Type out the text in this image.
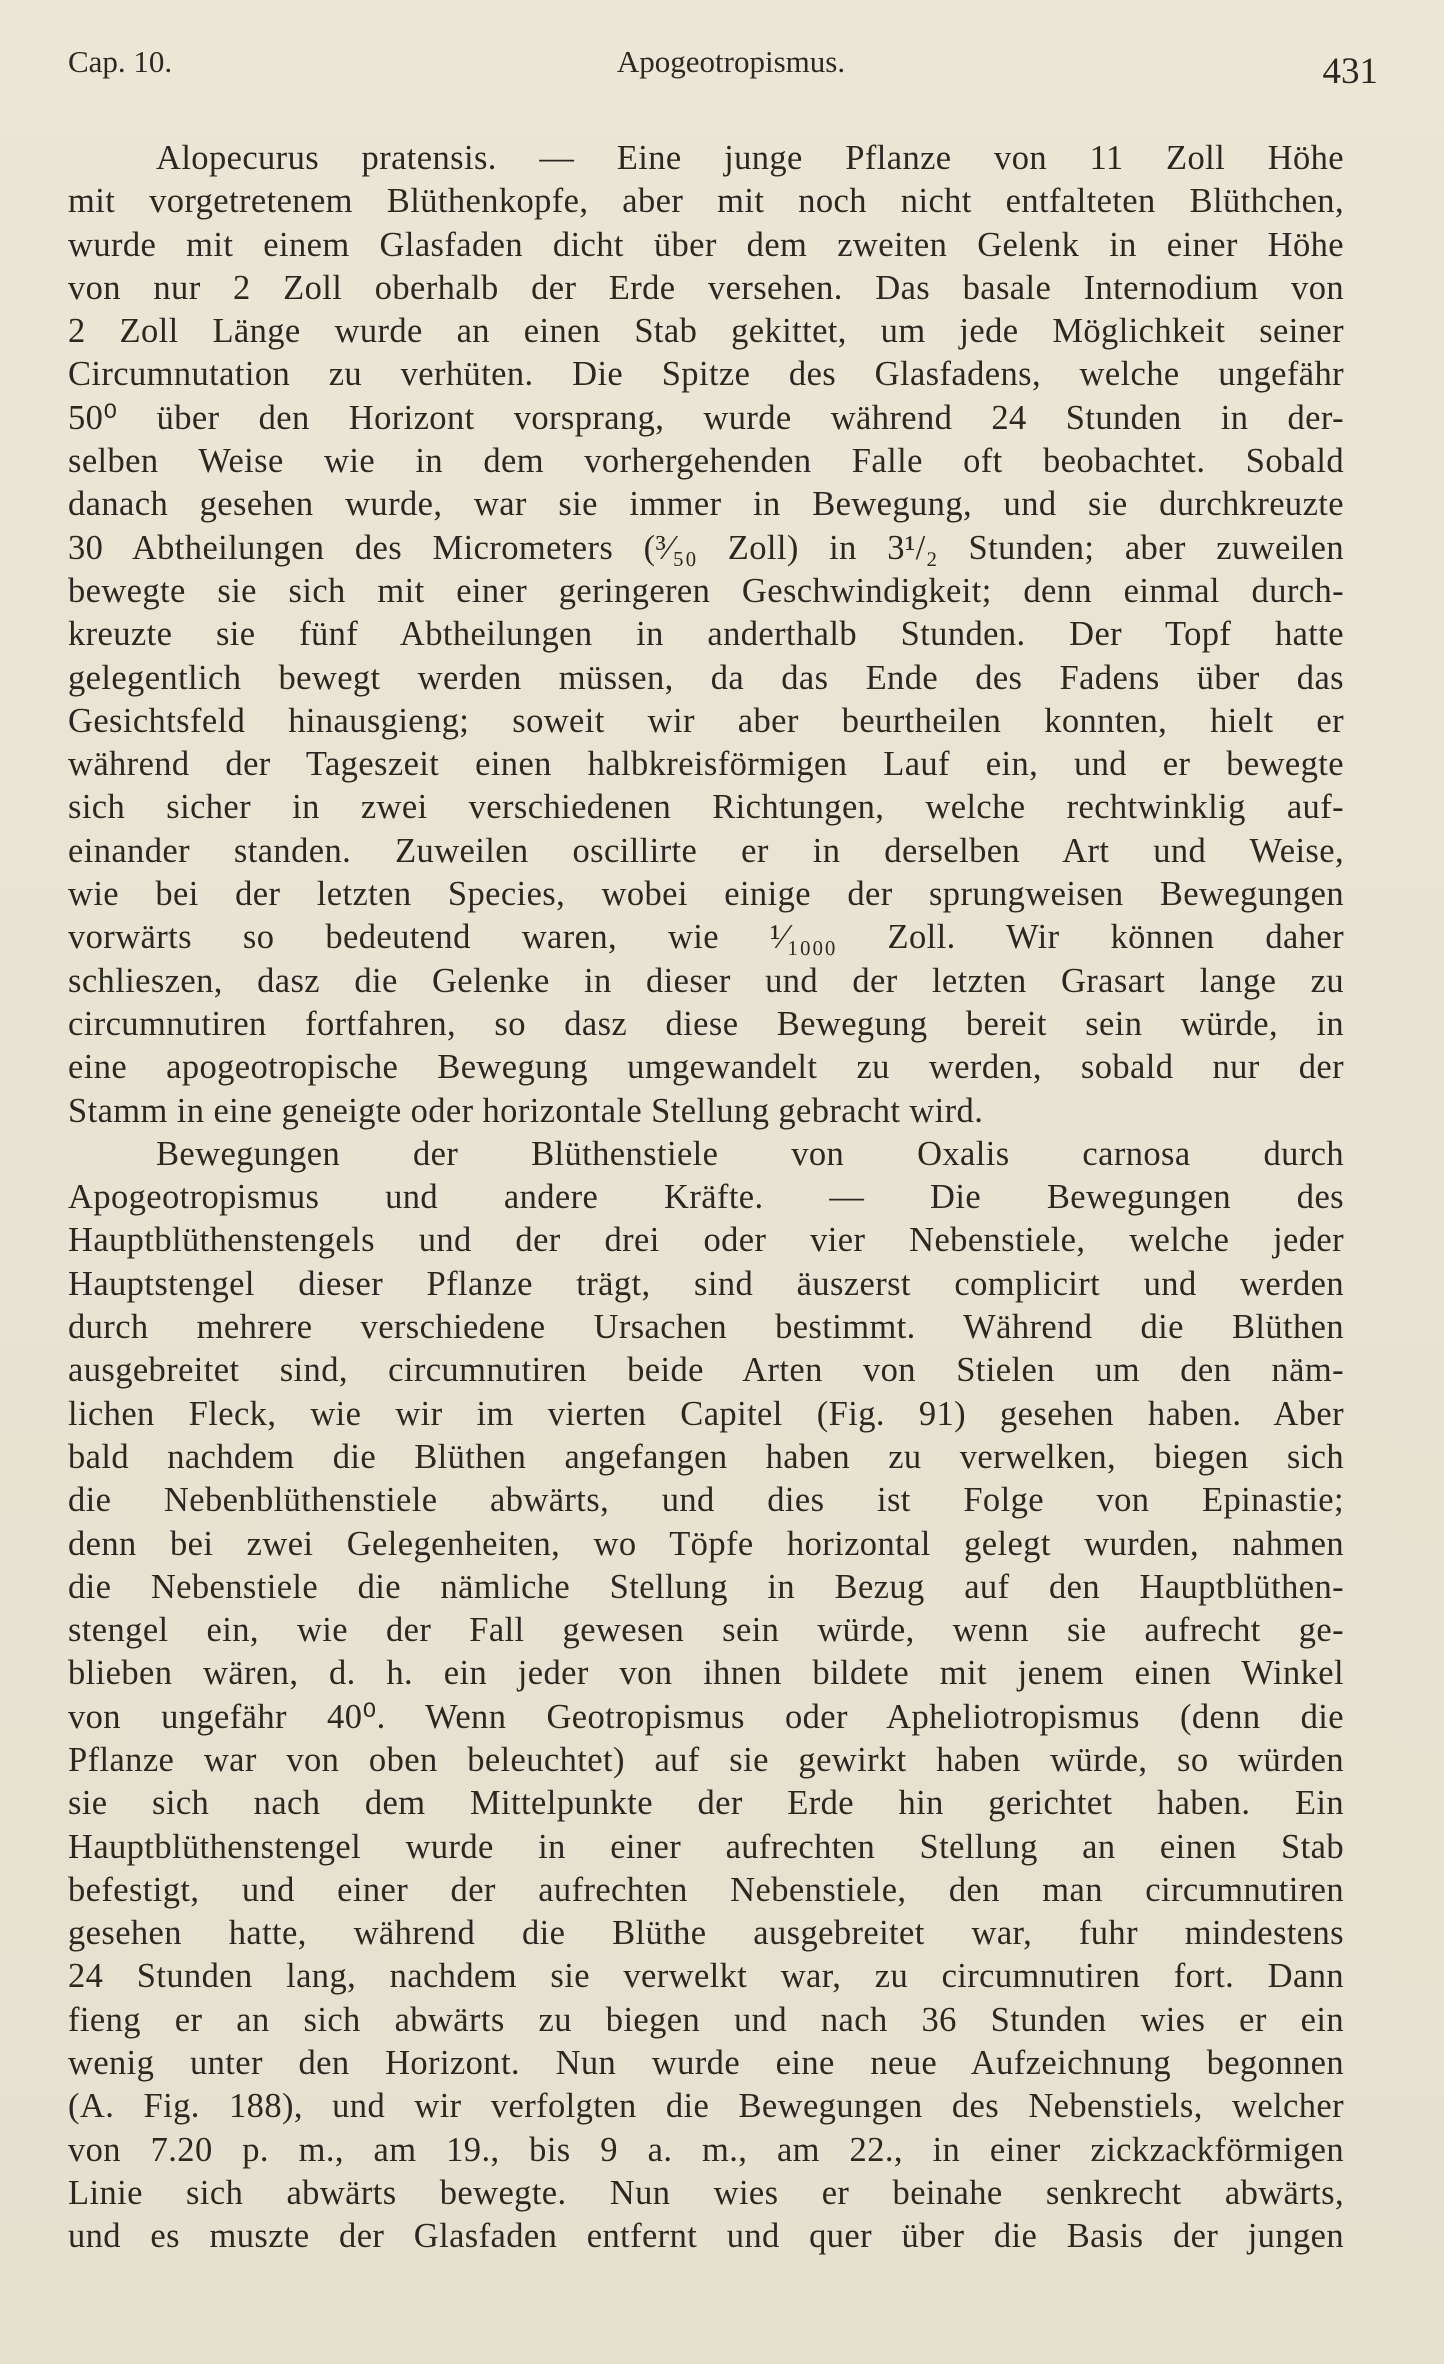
Cap. 10.	Apogeotropismus.	431
Alopecurus pratensis. — Eine junge Pflanze von 11 Zoll Höhe
mit vorgetretenem Blüthenkopfe, aber mit noch nicht entfalteten Blüthchen,
wurde mit einem Glasfaden dicht über dem zweiten Gelenk in einer Höhe
von nur 2 Zoll oberhalb der Erde versehen. Das basale Internodium von
2 Zoll Länge wurde an einen Stab gekittet, um jede Möglichkeit seiner
Circumnutation zu verhüten. Die Spitze des Glasfadens, welche ungefähr
50⁰ über den Horizont vorsprang, wurde während 24 Stunden in der-
selben Weise wie in dem vorhergehenden Falle oft beobachtet. Sobald
danach gesehen wurde, war sie immer in Bewegung, und sie durchkreuzte
30 Abtheilungen des Micrometers (³⁄₅₀ Zoll) in 3¹/₂ Stunden; aber zuweilen
bewegte sie sich mit einer geringeren Geschwindigkeit; denn einmal durch-
kreuzte sie fünf Abtheilungen in anderthalb Stunden. Der Topf hatte
gelegentlich bewegt werden müssen, da das Ende des Fadens über das
Gesichtsfeld hinausgieng; soweit wir aber beurtheilen konnten, hielt er
während der Tageszeit einen halbkreisförmigen Lauf ein, und er bewegte
sich sicher in zwei verschiedenen Richtungen, welche rechtwinklig auf-
einander standen. Zuweilen oscillirte er in derselben Art und Weise,
wie bei der letzten Species, wobei einige der sprungweisen Bewegungen
vorwärts so bedeutend waren, wie ¹⁄₁₀₀₀ Zoll. Wir können daher
schlieszen, dasz die Gelenke in dieser und der letzten Grasart lange zu
circumnutiren fortfahren, so dasz diese Bewegung bereit sein würde, in
eine apogeotropische Bewegung umgewandelt zu werden, sobald nur der
Stamm in eine geneigte oder horizontale Stellung gebracht wird.
Bewegungen der Blüthenstiele von Oxalis carnosa durch
Apogeotropismus und andere Kräfte. — Die Bewegungen des
Hauptblüthenstengels und der drei oder vier Nebenstiele, welche jeder
Hauptstengel dieser Pflanze trägt, sind äuszerst complicirt und werden
durch mehrere verschiedene Ursachen bestimmt. Während die Blüthen
ausgebreitet sind, circumnutiren beide Arten von Stielen um den näm-
lichen Fleck, wie wir im vierten Capitel (Fig. 91) gesehen haben. Aber
bald nachdem die Blüthen angefangen haben zu verwelken, biegen sich
die Nebenblüthenstiele abwärts, und dies ist Folge von Epinastie;
denn bei zwei Gelegenheiten, wo Töpfe horizontal gelegt wurden, nahmen
die Nebenstiele die nämliche Stellung in Bezug auf den Hauptblüthen-
stengel ein, wie der Fall gewesen sein würde, wenn sie aufrecht ge-
blieben wären, d. h. ein jeder von ihnen bildete mit jenem einen Winkel
von ungefähr 40⁰. Wenn Geotropismus oder Apheliotropismus (denn die
Pflanze war von oben beleuchtet) auf sie gewirkt haben würde, so würden
sie sich nach dem Mittelpunkte der Erde hin gerichtet haben. Ein
Hauptblüthenstengel wurde in einer aufrechten Stellung an einen Stab
befestigt, und einer der aufrechten Nebenstiele, den man circumnutiren
gesehen hatte, während die Blüthe ausgebreitet war, fuhr mindestens
24 Stunden lang, nachdem sie verwelkt war, zu circumnutiren fort. Dann
fieng er an sich abwärts zu biegen und nach 36 Stunden wies er ein
wenig unter den Horizont. Nun wurde eine neue Aufzeichnung begonnen
(A. Fig. 188), und wir verfolgten die Bewegungen des Nebenstiels, welcher
von 7.20 p. m., am 19., bis 9 a. m., am 22., in einer zickzackförmigen
Linie sich abwärts bewegte. Nun wies er beinahe senkrecht abwärts,
und es muszte der Glasfaden entfernt und quer über die Basis der jungen
